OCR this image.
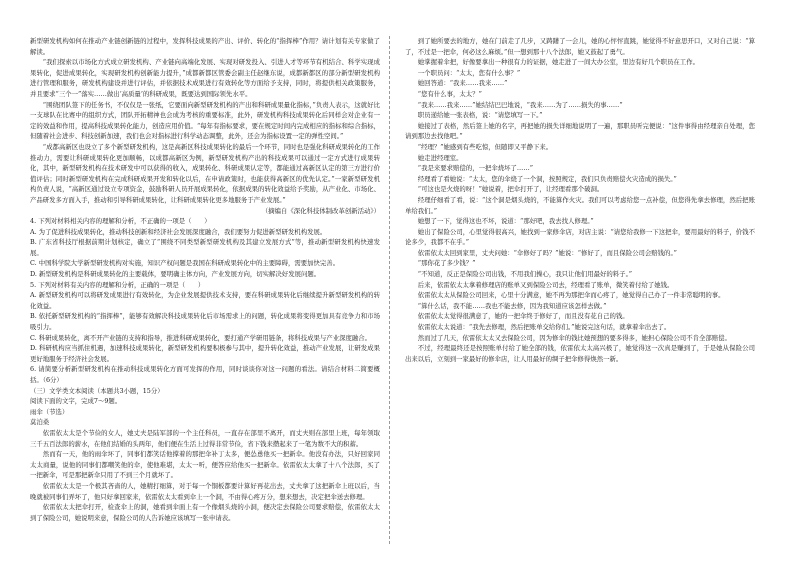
新型研发机构如何在推动产业链创新链的过程中，发挥科技成果的产出、评价、转化的“指挥棒”作用？请计划有关专家做了解读。

“我们探索以市场化方式成立研发机构、产业链向高端化发展、实现对研发投入、引进人才等环节有机结合、科学实现成果转化，促进成果转化，实现研发机构创新能力提升，”成都新都区管委会副主任赵继东说，成都新都区的部分新型研发机构进行管理和服务，研发机构建设并进行评估，并依据技术成果进行有效转化等方面给予支持，同时，将提供相关政策服务，并且要求“三个一”落实……做出‘高质量’的科研成果，既要达到国际领先水平。

“围绕团队签下的任务书，不仅仅是一张纸，它要面向新型研发机构的产出和科研成果量化指标，”负责人表示，这就好比一支球队在比赛中的组织方式，团队开拓精神也会成为考核的重要标准，此外，研发机构科技成果转化后同样会对企业有一定的效益和作用，提高科技成果转化能力，创造应用价值。“每年有指标要求，要在规定时间内完成相应的指标和综合指标，但随着社会进步、科技创新加速，我们也会对指标进行科学动态调整，此外，还会为指标设置一定的弹性空间。”

“成都高新区也设立了多个新型研发机构，这是高新区科技成果转化的最后一个环节，同时也是强化科研成果转化的工作推动力，需要让科研成果转化更加顺畅，以成都高新区为例，新型研发机构产出的科技成果可以通过一定方式进行成果转化，其中，新型研发机构在技术研发中可以获得的收入，成果转化、科研成果认定等，都能通过高新区认定的第三方进行价值评估；同时新型研发机构在完成科研成果开发和转化以后，在申请政策时，也能获得高新区的优先认定。”一家新型研发机构负责人说，“高新区通过设立专项资金，鼓励科研人员开展成果转化，依据成果的转化效益给予奖励，从产业化、市场化、产品研发多方面入手，推动和引导科研成果转化，让科研成果转化更多地服务于产业发展。”

（摘编自《深化科技体制改革创新活动》）

4. 下列对材料相关内容的理解和分析，不正确的一项是（　　）

A. 为了促进科技成果转化，推动科技创新和经济社会发展深度融合，我们要努力促进新型研发机构发展。

B. 广东省科技厅根据前期计划核定，确立了“围绕不同类型新型研发机构及其建立发展方式”等，推动新型研发机构快速发展。

C. 中国科学院大学新型研发机构对实施，知识产权问题是我国在科研成果转化中的主要障碍，需要加快完善。

D. 新型研发机构是科研成果转化的主要载体，要明确主体方向，产业发展方向，切实解决好发展问题。

5. 下列对材料有关内容的理解和分析，正确的一项是（　　）

A. 新型研发机构可以将研发成果进行有效转化，为企业发展提供技术支持，要在科研成果转化后继续提升新型研发机构的转化效益。

B. 依托新型研发机构的“指挥棒”，能够有效解决科技成果转化后市场需求上的问题，转化成果将变得更加具有竞争力和市场吸引力。

C. 科研成果转化，离不开产业链的支持和指导，推进科研成果转化，要打通产学研用链条，将科技成果与产业深度融合。

D. 科研机构应当抓住机遇，加速科技成果转化，新型研发机构要积极参与其中，提升转化效益，推动产业发展，让研发成果更好地服务于经济社会发展。

6. 请简要分析新型研发机构在推动科技成果转化方面可发挥的作用，同时谈谈你对这一问题的看法。请结合材料二简要概括。（6分）

（三）文学类文本阅读（本题共3小题，15分）

阅读下面的文字，完成7～9题。

雨伞（节选）

莫泊桑

依雷依太太是个节俭的女人，她丈夫是陆军部的一个主任科员，一直存在部里不离开，而丈夫则在部里上班，每年领取三千五百法郎的薪水，在他们结婚的头两年，他们便在生活上过得非常节俭，省下钱来攒起来了一笔为数不大的积蓄。

然而有一天，他的雨伞坏了，同事们都笑话他撑着的那把伞补丁太多，便怂恿他买一把新伞。他没有办法，只好回家同太太商量，说他的同事们都嘲笑他的伞，使他难堪，太太一听，便答应给他买一把新伞。依雷依太太拿了十八个法郎，买了一把新伞，可是那把新伞只用了不到三个月就坏了。

依雷依太太是一个极其吝啬的人，她精打细算，对于每一个铜板都要计算好再花出去，丈夫拿了这把新伞上班以后，当晚就被同事们弄坏了，他只好拿回家来，依雷依太太看到伞上一个洞，不由得心疼万分，想来想去，决定把伞送去修理。

依雷依太太把伞打开，检查伞上的洞，她看到伞面上有一个像烟头烧的小洞，便决定去保险公司要求赔偿，依雷依太太到了保险公司，她说明来意，保险公司的人告诉她应该填写一张申请表。

到了她所要去的地方，她在门前走了几步，又踌躇了一会儿，她的心怦怦直跳，她觉得不好意思开口，又对自己说：“算了，不过是一把伞，何必这么麻烦。”但一想到那十八个法郎，她又鼓起了勇气。

她掌握着伞把，好像要拿出一种很有力的证据，她走进了一间大办公室，里边有好几个职员在工作。

一个职员问：“太太，您有什么事？”

她回答道：“我来……我来……”

“您有什么事，太太？”

“我来……我来……”她结结巴巴地说，“我来……为了……损失的事……”

职员递给她一张表格，说：“请您填写一下。”

她接过了表格，然后签上她的名字，再把她的损失详细地说明了一遍，那职员听完便说：“这件事得由经理亲自处理，您请到那边去找他吧。”

“经理？”她感到有些吃惊，但随即又平静下来。

她走进经理室。

“我是来要求赔偿的，一把伞烧坏了……”

经理看了看她说：“太太，您的伞烧了一个洞，按照规定，我们只负责赔偿火灾造成的损失。”

“可这也是火烧的呀！”她说着，把伞打开了，让经理看那个破洞。

经理仔细看了看，说：“这个洞是烟头烧的，不能算作火灾。我们可以考虑给您一点补偿，但您得先拿去修理，然后把账单给我们。”

她想了一下，觉得这也不坏，说道：“那好吧，我去找人修理。”

她出了保险公司，心里觉得很高兴，她找到一家修伞店，对店主说：“请您给我修一下这把伞，要用最好的料子，价钱不论多少，我都不在乎。”

依雷依太太回到家里，丈夫问她：“伞修好了吗？”她说：“修好了，而且保险公司会赔钱的。”

“那你花了多少钱？”

“不知道，反正是保险公司出钱，不用我们操心，我只让他们用最好的料子。”

后来，依雷依太太拿着修理店的账单又到保险公司去，经理看了账单，微笑着付给了她钱。

依雷依太太从保险公司回来，心里十分满意，她不再为那把伞而心疼了，她觉得自己办了一件非常聪明的事。

“算什么话，我不能……我也不能去修，因为我知道应该怎样去做。”

依雷依太太觉得很满意了，她的一把伞终于修好了，而且没有花自己的钱。

依雷依太太说道：“我先去修理，然后把账单交给你们。”她说完这句话，就拿着伞出去了。

然而过了几天，依雷依太太又去保险公司，因为修伞的钱比她预想的要多得多，她担心保险公司不肯全部赔偿。

不过，经理最终还是按照账单付给了她全部的钱，依雷依太太高兴极了，她觉得这一次真是赚到了，于是她从保险公司出来以后，立刻到一家最好的修伞店，让人用最好的绸子把伞修得焕然一新。
